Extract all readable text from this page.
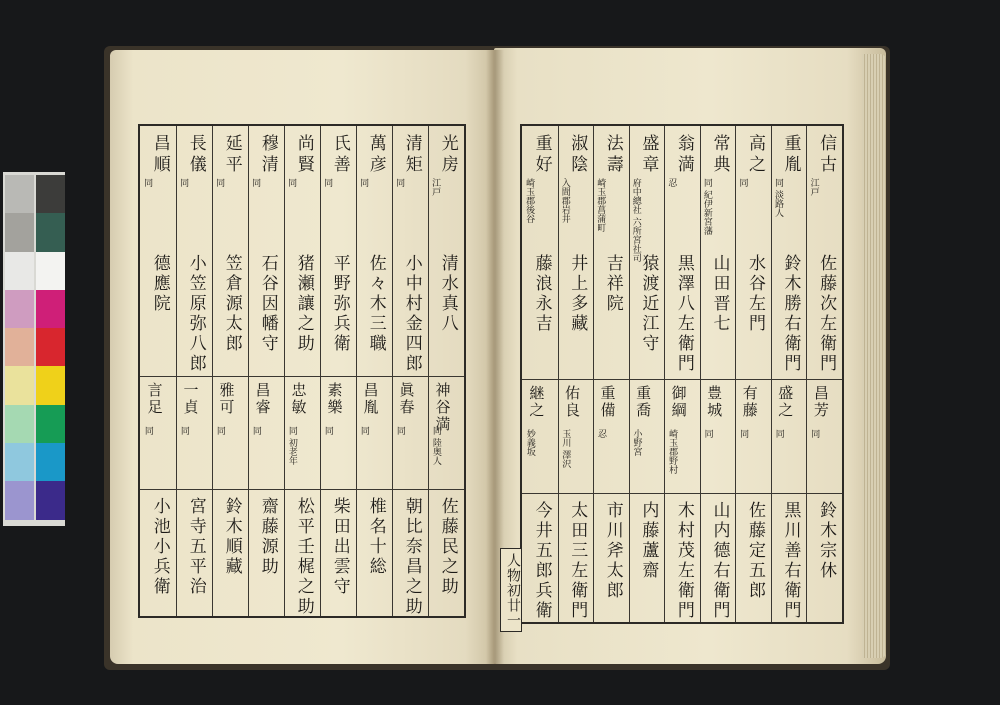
光房
江戸
清水真八
神谷満
同 陸奥人
佐藤民之助
清矩
同
小中村金四郎
眞春
同
朝比奈昌之助
萬彦
同
佐々木三職
昌胤
同
椎名十総
氏善
同
平野弥兵衛
素樂
同
柴田出雲守
尚賢
同
猪瀬讓之助
忠敏
同 初老年
松平壬梶之助
穆清
同
石谷因幡守
昌睿
同
齋藤源助
延平
同
笠倉源太郎
雅可
同
鈴木順藏
長儀
同
小笠原弥八郎
一貞
同
宮寺五平治
昌順
同
德應院
言足
同
小池小兵衛
信古
江戸
佐藤次左衛門
昌芳
同
鈴木宗休
重胤
同 淡路人
鈴木勝右衛門
盛之
同
黒川善右衛門
高之
同
水谷左門
有藤
同
佐藤定五郎
常典
同 紀伊新宮藩
山田晋七
豊城
同
山内德右衛門
翁満
忍
黒澤八左衛門
御綱
崎玉郡野村
木村茂左衛門
盛章
府中總社 六所宮社司
猿渡近江守
重喬
小野宮
内藤蘆齋
法壽
崎玉郡菖蒲町
吉祥院
重備
忍
市川斧太郎
淑陰
入間郡岩井
井上多藏
佑良
玉川 澤沢
太田三左衛門
重好
崎玉郡後谷
藤浪永吉
継之
妙義坂
今井五郎兵衛
人物初廿一
